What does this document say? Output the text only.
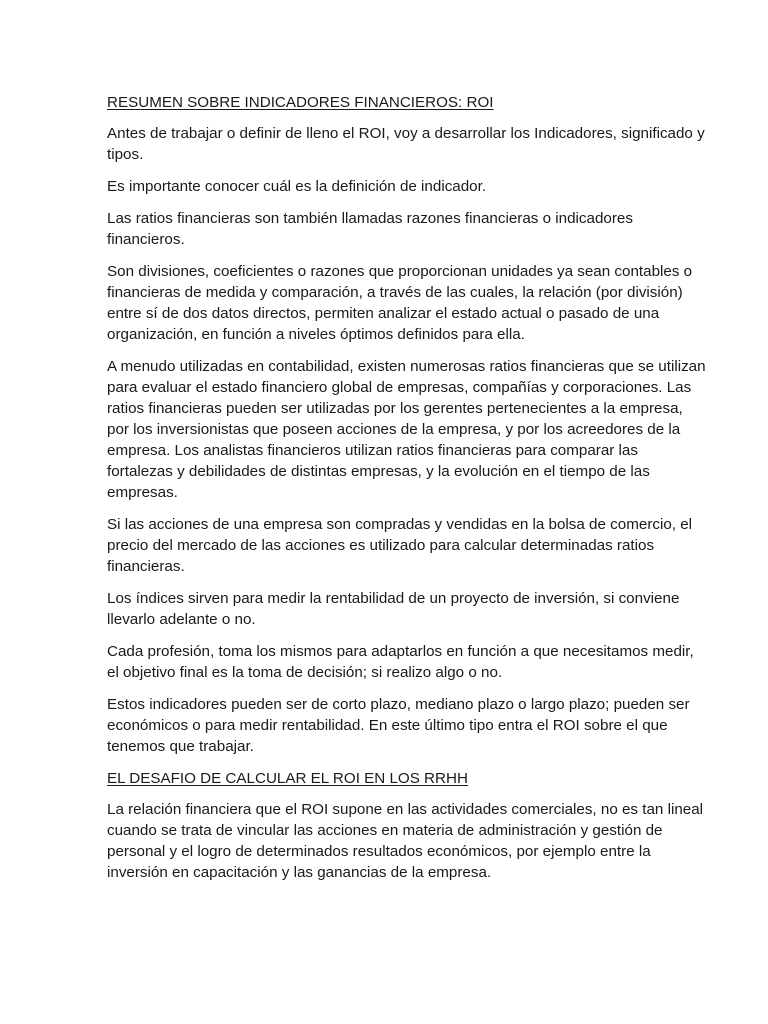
RESUMEN SOBRE INDICADORES FINANCIEROS: ROI

Antes de trabajar o definir de lleno el ROI, voy a desarrollar los Indicadores, significado y tipos.

Es importante conocer cuál es la definición de indicador.

Las ratios financieras son también llamadas razones financieras o indicadores financieros.

Son divisiones, coeficientes o razones que proporcionan unidades ya sean contables o financieras de medida y comparación, a través de las cuales, la relación (por división) entre sí de dos datos directos, permiten analizar el estado actual o pasado de una organización, en función a niveles óptimos definidos para ella.

A menudo utilizadas en contabilidad, existen numerosas ratios financieras que se utilizan para evaluar el estado financiero global de empresas, compañías y corporaciones. Las ratios financieras pueden ser utilizadas por los gerentes pertenecientes a la empresa, por los inversionistas que poseen acciones de la empresa, y por los acreedores de la empresa. Los analistas financieros utilizan ratios financieras para comparar las fortalezas y debilidades de distintas empresas, y la evolución en el tiempo de las empresas.

Si las acciones de una empresa son compradas y vendidas en la bolsa de comercio, el precio del mercado de las acciones es utilizado para calcular determinadas ratios financieras.

Los índices sirven para medir la rentabilidad de un proyecto de inversión, si conviene llevarlo adelante o no.

Cada profesión, toma los mismos para adaptarlos en función a que necesitamos medir, el objetivo final es la toma de decisión; si realizo algo o no.

Estos indicadores pueden ser de corto plazo, mediano plazo o largo plazo; pueden ser económicos o para medir rentabilidad. En este último tipo entra el ROI sobre el que tenemos que trabajar.

EL DESAFIO DE CALCULAR EL ROI EN LOS RRHH

La relación financiera que el ROI supone en las actividades comerciales, no es tan lineal cuando se trata de vincular las acciones en materia de administración y gestión de personal y el logro de determinados resultados económicos, por ejemplo entre la inversión en capacitación y las ganancias de la empresa.
